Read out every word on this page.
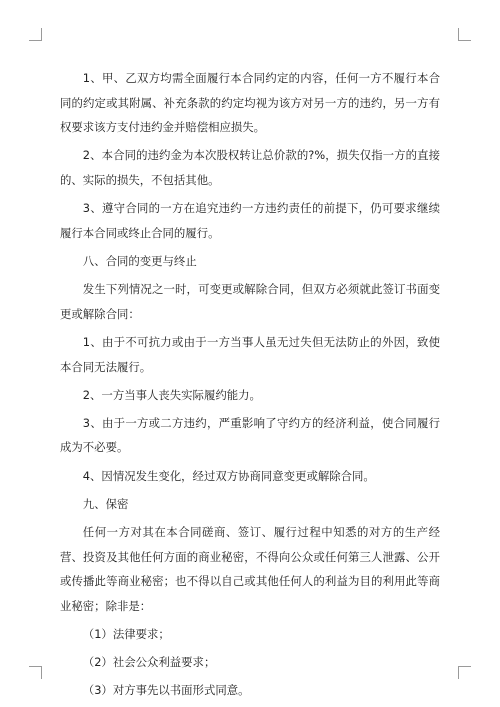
1、甲、乙双方均需全面履行本合同约定的内容，任何一方不履行本合同的约定或其附属、补充条款的约定均视为该方对另一方的违约，另一方有权要求该方支付违约金并赔偿相应损失。

2、本合同的违约金为本次股权转让总价款的?%，损失仅指一方的直接的、实际的损失，不包括其他。

3、遵守合同的一方在追究违约一方违约责任的前提下，仍可要求继续履行本合同或终止合同的履行。

八、合同的变更与终止

发生下列情况之一时，可变更或解除合同，但双方必须就此签订书面变更或解除合同：

1、由于不可抗力或由于一方当事人虽无过失但无法防止的外因，致使本合同无法履行。

2、一方当事人丧失实际履约能力。

3、由于一方或二方违约，严重影响了守约方的经济利益，使合同履行成为不必要。

4、因情况发生变化，经过双方协商同意变更或解除合同。

九、保密

任何一方对其在本合同磋商、签订、履行过程中知悉的对方的生产经营、投资及其他任何方面的商业秘密，不得向公众或任何第三人泄露、公开或传播此等商业秘密；也不得以自己或其他任何人的利益为目的利用此等商业秘密；除非是：

（1）法律要求；

（2）社会公众利益要求；

（3）对方事先以书面形式同意。
